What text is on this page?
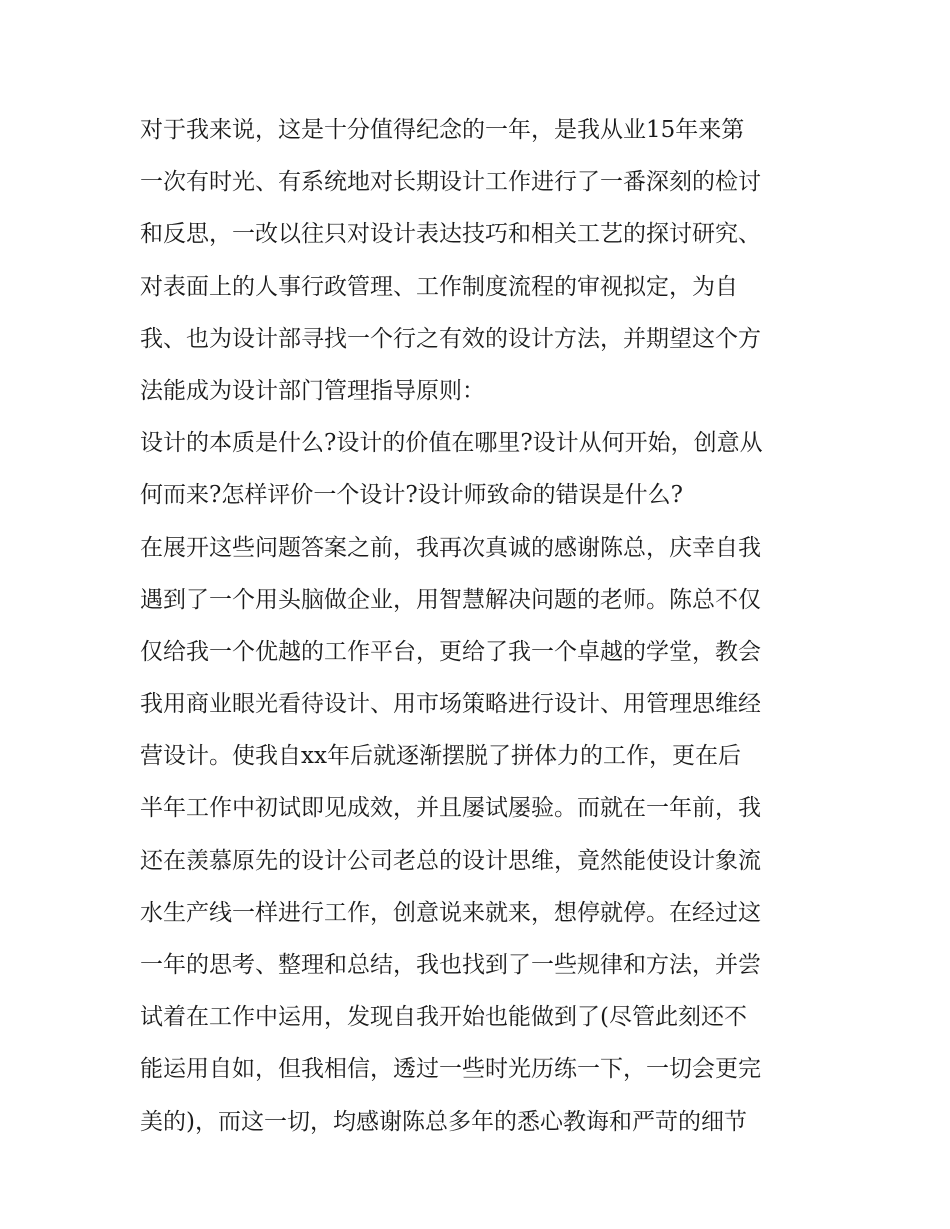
对于我来说，这是十分值得纪念的一年，是我从业15年来第
一次有时光、有系统地对长期设计工作进行了一番深刻的检讨
和反思，一改以往只对设计表达技巧和相关工艺的探讨研究、
对表面上的人事行政管理、工作制度流程的审视拟定，为自
我、也为设计部寻找一个行之有效的设计方法，并期望这个方
法能成为设计部门管理指导原则：
设计的本质是什么?设计的价值在哪里?设计从何开始，创意从
何而来?怎样评价一个设计?设计师致命的错误是什么?
在展开这些问题答案之前，我再次真诚的感谢陈总，庆幸自我
遇到了一个用头脑做企业，用智慧解决问题的老师。陈总不仅
仅给我一个优越的工作平台，更给了我一个卓越的学堂，教会
我用商业眼光看待设计、用市场策略进行设计、用管理思维经
营设计。使我自xx年后就逐渐摆脱了拼体力的工作，更在后
半年工作中初试即见成效，并且屡试屡验。而就在一年前，我
还在羡慕原先的设计公司老总的设计思维，竟然能使设计象流
水生产线一样进行工作，创意说来就来，想停就停。在经过这
一年的思考、整理和总结，我也找到了一些规律和方法，并尝
试着在工作中运用，发现自我开始也能做到了(尽管此刻还不
能运用自如，但我相信，透过一些时光历练一下，一切会更完
美的)，而这一切，均感谢陈总多年的悉心教诲和严苛的细节
